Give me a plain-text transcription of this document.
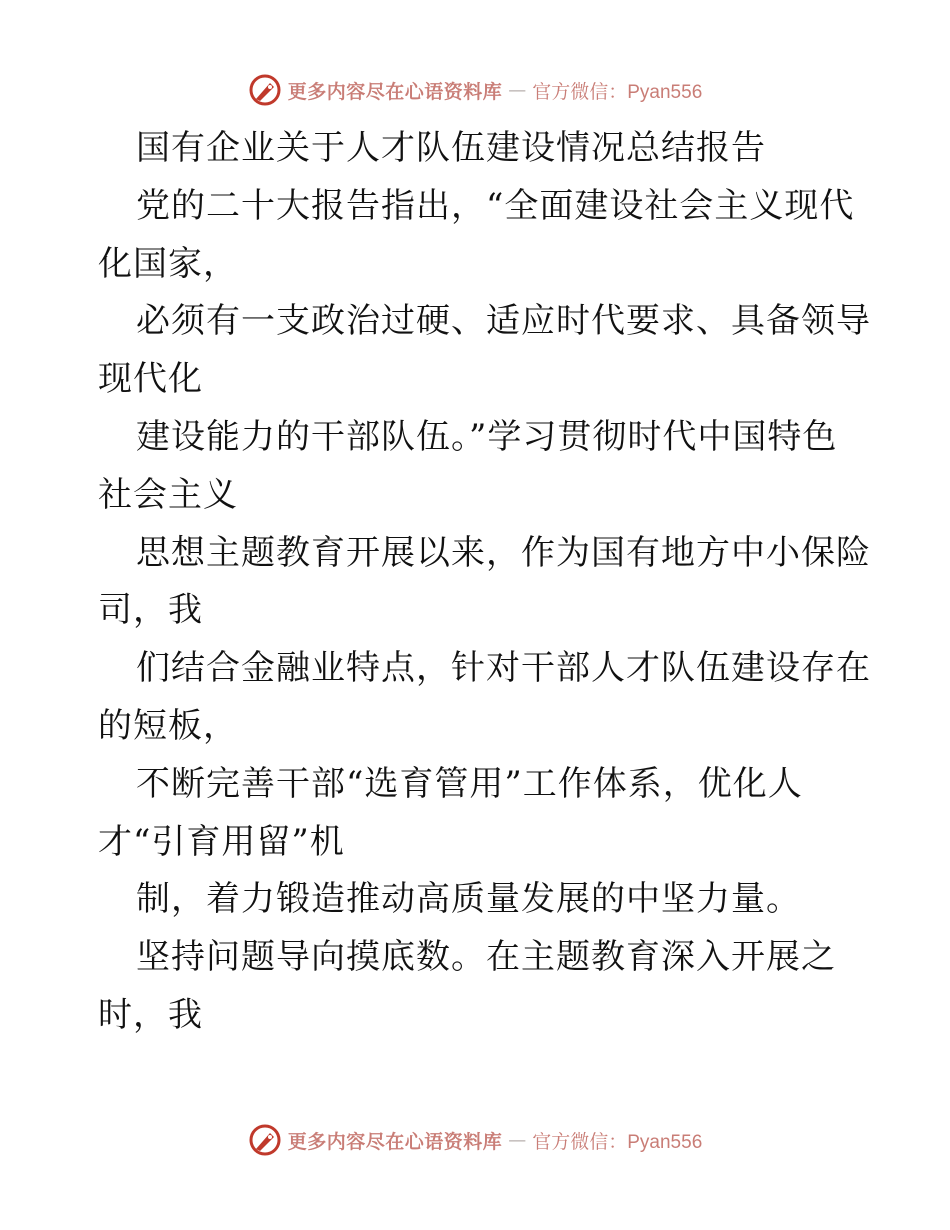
更多内容尽在心语资料库 — 官方微信：Pyan556
国有企业关于人才队伍建设情况总结报告
党的二十大报告指出，“全面建设社会主义现代
化国家，
必须有一支政治过硬、适应时代要求、具备领导
现代化
建设能力的干部队伍。”学习贯彻时代中国特色
社会主义
思想主题教育开展以来，作为国有地方中小保险
司，我
们结合金融业特点，针对干部人才队伍建设存在
的短板，
不断完善干部“选育管用”工作体系，优化人
才“引育用留”机
制，着力锻造推动高质量发展的中坚力量。
坚持问题导向摸底数。在主题教育深入开展之
时，我
更多内容尽在心语资料库 — 官方微信：Pyan556
